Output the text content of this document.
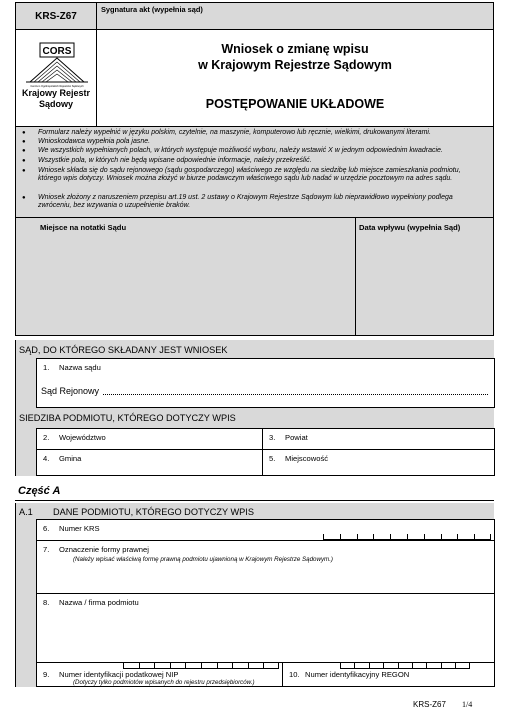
KRS-Z67
Sygnatura akt (wypełnia sąd)
CORS
Centrum Ogólnopolskich Rejestrów Sądowych
Krajowy Rejestr
Sądowy
Wniosek o zmianę wpisu
w Krajowym Rejestrze Sądowym
POSTĘPOWANIE UKŁADOWE
● Formularz należy wypełnić w języku polskim, czytelnie, na maszynie, komputerowo lub ręcznie, wielkimi, drukowanymi literami.
● Wnioskodawca wypełnia pola jasne.
● We wszystkich wypełnianych polach, w których występuje możliwość wyboru, należy wstawić X w jednym odpowiednim kwadracie.
● Wszystkie pola, w których nie będą wpisane odpowiednie informacje, należy przekreślić.
● Wniosek składa się do sądu rejonowego (sądu gospodarczego) właściwego ze względu na siedzibę lub miejsce zamieszkania podmiotu, którego wpis dotyczy. Wniosek można złożyć w biurze podawczym właściwego sądu lub nadać w urzędzie pocztowym na adres sądu.
● Wniosek złożony z naruszeniem przepisu art.19 ust. 2 ustawy o Krajowym Rejestrze Sądowym lub nieprawidłowo wypełniony podlega zwróceniu, bez wzywania o uzupełnienie braków.
Miejsce na notatki Sądu	Data wpływu (wypełnia Sąd)
SĄD, DO KTÓREGO SKŁADANY JEST WNIOSEK
1. Nazwa sądu
Sąd Rejonowy
SIEDZIBA PODMIOTU, KTÓREGO DOTYCZY WPIS
2. Województwo	3. Powiat
4. Gmina	5. Miejscowość
Część A
A.1 DANE PODMIOTU, KTÓREGO DOTYCZY WPIS
6. Numer KRS
7. Oznaczenie formy prawnej
(Należy wpisać właściwą formę prawną podmiotu ujawnioną w Krajowym Rejestrze Sądowym.)
8. Nazwa / firma podmiotu
9. Numer identyfikacji podatkowej NIP
(Dotyczy tylko podmiotów wpisanych do rejestru przedsiębiorców.)
10. Numer identyfikacyjny REGON
KRS-Z67 1/4
